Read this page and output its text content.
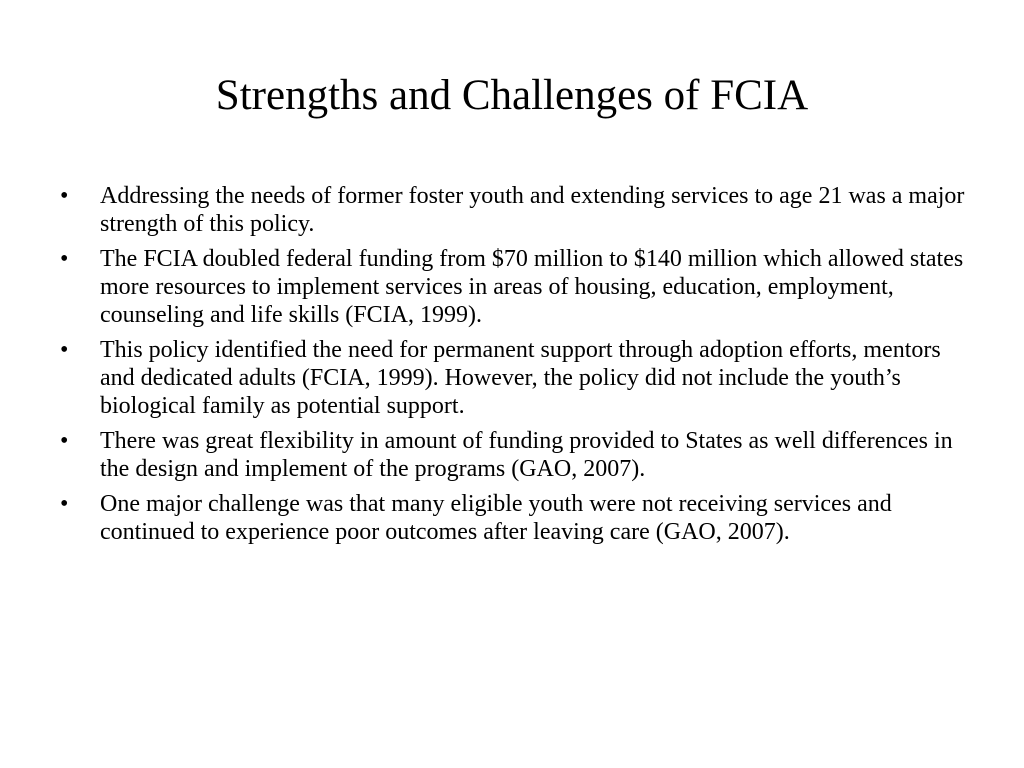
Strengths and Challenges of FCIA
•	Addressing the needs of former foster youth and extending services to age 21 was a major strength of this policy.
•	The FCIA doubled federal funding from $70 million to $140 million which allowed states more resources to implement services in areas of housing, education, employment, counseling and life skills (FCIA, 1999).
•	This policy identified the need for permanent support through adoption efforts, mentors and dedicated adults (FCIA, 1999). However, the policy did not include the youth’s biological family as potential support.
•	There was great flexibility in amount of funding provided to States as well differences in the design and implement of the programs (GAO, 2007).
•	One major challenge was that many eligible youth were not receiving services and continued to experience poor outcomes after leaving care (GAO, 2007).
